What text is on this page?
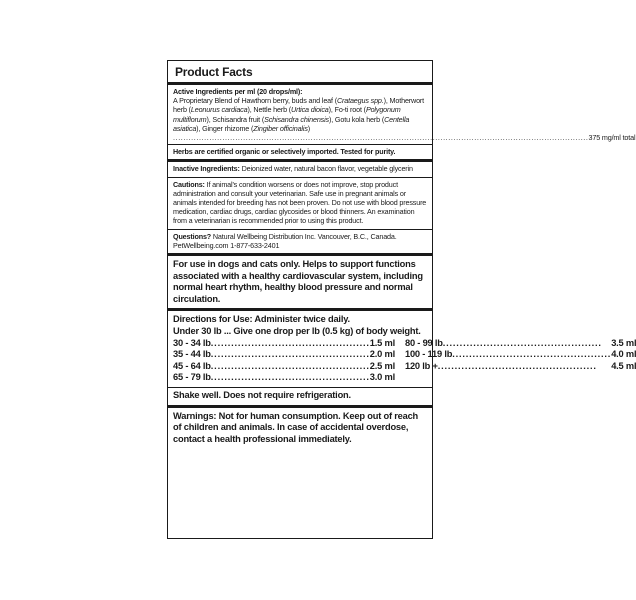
Product Facts
Active Ingredients per ml (20 drops/ml):
A Proprietary Blend of Hawthorn berry, buds and leaf (Crataegus spp.), Motherwort herb (Leonurus cardiaca), Nettle herb (Urtica dioica), Fo-ti root (Polygonum multiflorum), Schisandra fruit (Schisandra chinensis), Gotu kola herb (Centella asiatica), Ginger rhizome (Zingiber officinalis)
.....
375 mg/ml total
Herbs are certified organic or selectively imported. Tested for purity.
Inactive Ingredients: Deionized water, natural bacon flavor, vegetable glycerin
Cautions: If animal's condition worsens or does not improve, stop product administration and consult your veterinarian. Safe use in pregnant animals or animals intended for breeding has not been proven. Do not use with blood pressure medication, cardiac drugs, cardiac glycosides or blood thinners. An examination from a veterinarian is recommended prior to using this product.
Questions? Natural Wellbeing Distribution Inc. Vancouver, B.C., Canada.
PetWellbeing.com 1-877-633-2401
For use in dogs and cats only. Helps to support functions associated with a healthy cardiovascular system, including normal heart rhythm, healthy blood pressure and normal circulation.
Directions for Use: Administer twice daily.
Under 30 lb ... Give one drop per lb (0.5 kg) of body weight.
30 - 34 lb .....	1.5 ml
35 - 44 lb .....	2.0 ml
45 - 64 lb .....	2.5 ml
65 - 79 lb .....	3.0 ml
80 - 99 lb .....	3.5 ml
100 - 119 lb .....	4.0 ml
120 lb + .....	4.5 ml
Shake well. Does not require refrigeration.
Warnings: Not for human consumption. Keep out of reach of children and animals. In case of accidental overdose, contact a health professional immediately.
